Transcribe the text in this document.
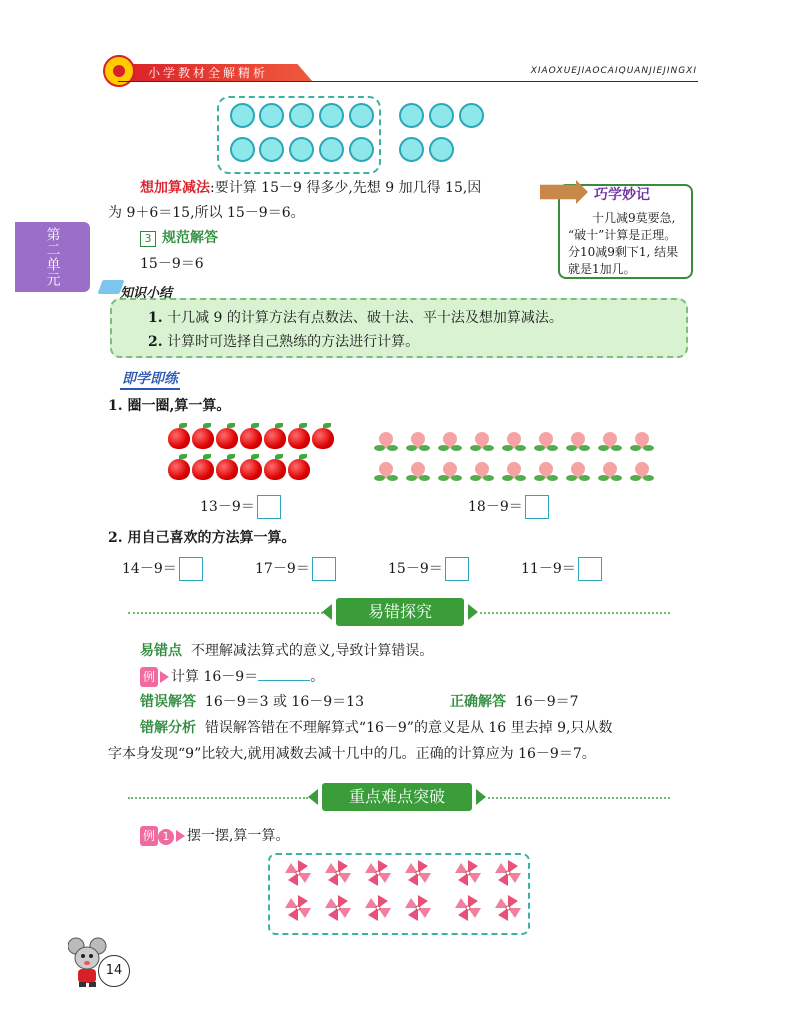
小学教材全解精析	XIAOXUEJIAOCAIQUANJIEJINGXI
第二单元
想加算减法:要计算 15－9 得多少,先想 9 加几得 15,因
为 9＋6＝15,所以 15－9＝6。	十几减9莫要急,
“破十”计算是正理。
分10减9剩下1, 结果
就是1加几。
巧学妙记
3 规范解答
15－9＝6
知识小结
1. 十几减 9 的计算方法有点数法、破十法、平十法及想加算减法。
2. 计算时可选择自己熟练的方法进行计算。
即学即练
1. 圈一圈,算一算。
13－9＝	18－9＝
2. 用自己喜欢的方法算一算。
14－9＝	17－9＝	15－9＝	11－9＝
易错探究
易错点 不理解减法算式的意义,导致计算错误。
例 计算 16－9＝	。
错误解答 16－9＝3 或 16－9＝13	正确解答 16－9＝7
错解分析 错误解答错在不理解算式“16－9”的意义是从 16 里去掉 9,只从数
字本身发现“9”比较大,就用减数去减十几中的几。正确的计算应为 16－9＝7。
重点难点突破
例 1 摆一摆,算一算。
14
